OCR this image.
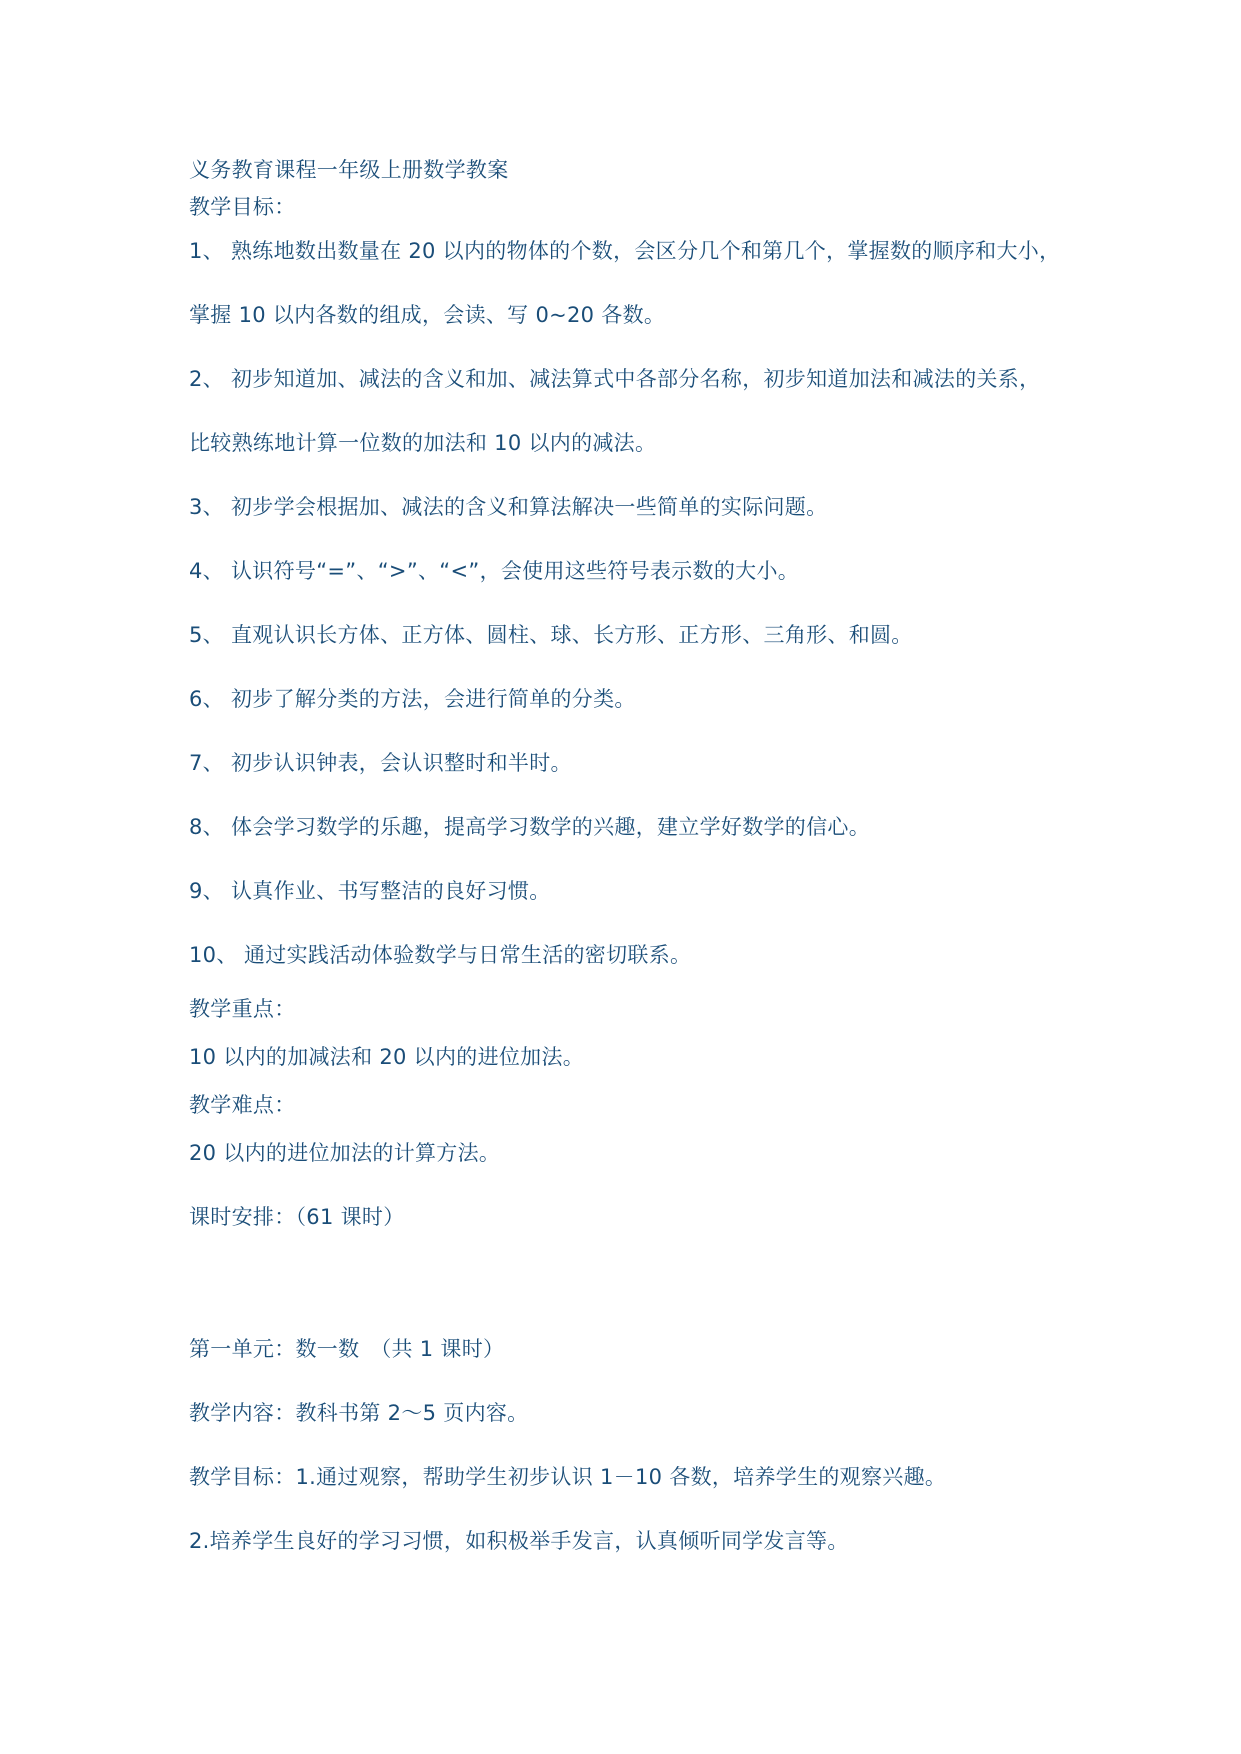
义务教育课程一年级上册数学教案
教学目标：
1、 熟练地数出数量在 20 以内的物体的个数，会区分几个和第几个，掌握数的顺序和大小，
掌握 10 以内各数的组成，会读、写 0~20 各数。
2、 初步知道加、减法的含义和加、减法算式中各部分名称，初步知道加法和减法的关系，
比较熟练地计算一位数的加法和 10 以内的减法。
3、 初步学会根据加、减法的含义和算法解决一些简单的实际问题。
4、 认识符号“=”、“>”、“<”，会使用这些符号表示数的大小。
5、 直观认识长方体、正方体、圆柱、球、长方形、正方形、三角形、和圆。
6、 初步了解分类的方法，会进行简单的分类。
7、 初步认识钟表，会认识整时和半时。
8、 体会学习数学的乐趣，提高学习数学的兴趣，建立学好数学的信心。
9、 认真作业、书写整洁的良好习惯。
10、 通过实践活动体验数学与日常生活的密切联系。
教学重点：
10 以内的加减法和 20 以内的进位加法。
教学难点：
20 以内的进位加法的计算方法。
课时安排：（61 课时）
第一单元：数一数　（共 1 课时）
教学内容：教科书第 2～5 页内容。
教学目标：1.通过观察，帮助学生初步认识 1－10 各数，培养学生的观察兴趣。
2.培养学生良好的学习习惯，如积极举手发言，认真倾听同学发言等。
